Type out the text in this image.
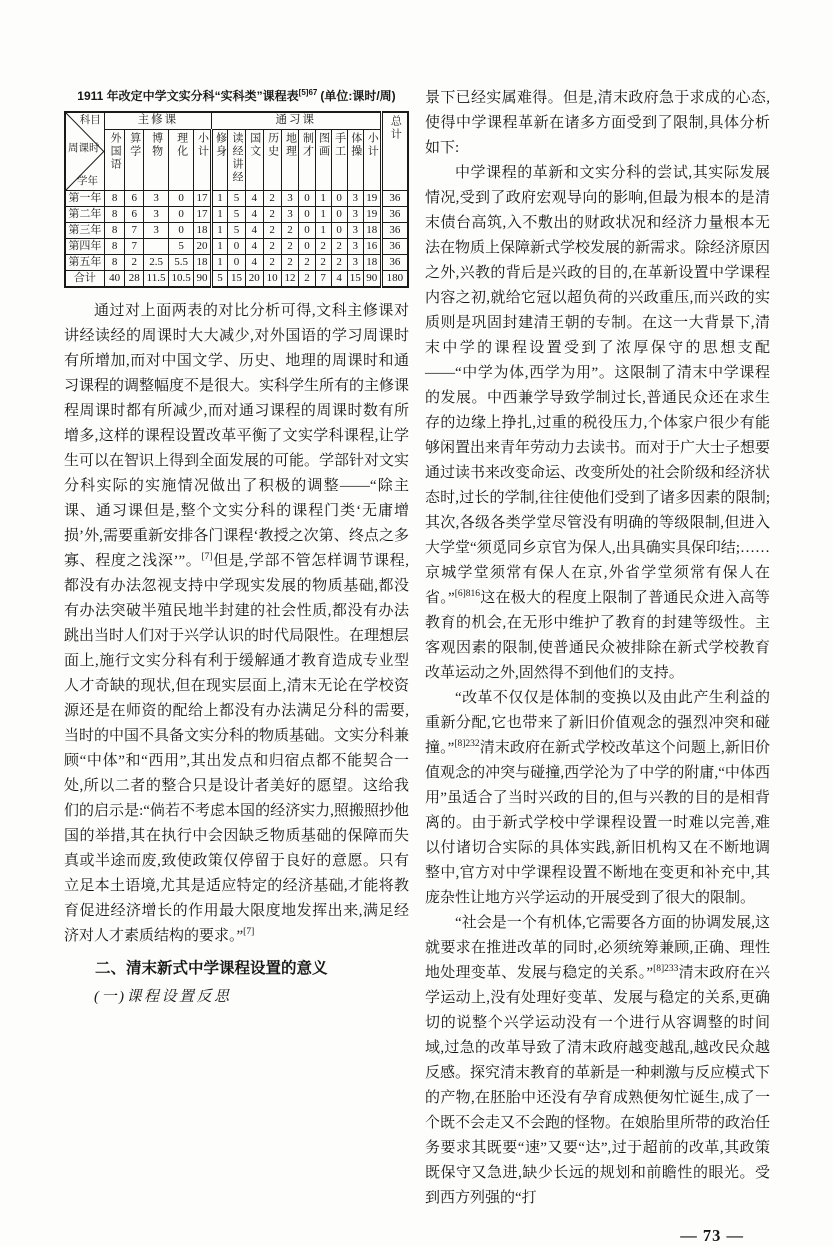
1911 年改定中学文实分科“实科类”课程表$^{[5]67}$ (单位:课时/周)
科目
周课时
学年	主修课					通习课										总计
	外国语	算学	博物	理化	小计	修身	读经讲经	国文	历史	地理	制才	图画	手工	体操	小计	
第一年	8	6	3	0	17	1	5	4	2	3	0	1	0	3	19	36
第二年	8	6	3	0	17	1	5	4	2	3	0	1	0	3	19	36
第三年	8	7	3	0	18	1	5	4	2	2	0	1	0	3	18	36
第四年	8	7		5	20	1	0	4	2	2	0	2	2	3	16	36
第五年	8	2	2.5	5.5	18	1	0	4	2	2	2	2	2	3	18	36
合计	40	28	11.5	10.5	90	5	15	20	10	12	2	7	4	15	90	180

通过对上面两表的对比分析可得,文科主修课对讲经读经的周课时大大减少,对外国语的学习周课时有所增加,而对中国文学、历史、地理的周课时和通习课程的调整幅度不是很大。实科学生所有的主修课程周课时都有所减少,而对通习课程的周课时数有所增多,这样的课程设置改革平衡了文实学科课程,让学生可以在智识上得到全面发展的可能。学部针对文实分科实际的实施情况做出了积极的调整——“除主课、通习课但是,整个文实分科的课程门类‘无庸增损’外,需要重新安排各门课程‘教授之次第、终点之多寡、程度之浅深’”。[7]但是,学部不管怎样调节课程,都没有办法忽视支持中学现实发展的物质基础,都没有办法突破半殖民地半封建的社会性质,都没有办法跳出当时人们对于兴学认识的时代局限性。在理想层面上,施行文实分科有利于缓解通才教育造成专业型人才奇缺的现状,但在现实层面上,清末无论在学校资源还是在师资的配给上都没有办法满足分科的需要,当时的中国不具备文实分科的物质基础。文实分科兼顾“中体”和“西用”,其出发点和归宿点都不能契合一处,所以二者的整合只是设计者美好的愿望。这给我们的启示是:“倘若不考虑本国的经济实力,照搬照抄他国的举措,其在执行中会因缺乏物质基础的保障而失真或半途而废,致使政策仅停留于良好的意愿。只有立足本土语境,尤其是适应特定的经济基础,才能将教育促进经济增长的作用最大限度地发挥出来,满足经济对人才素质结构的要求。”[7]

二、清末新式中学课程设置的意义
(一)课程设置反思

景下已经实属难得。但是,清末政府急于求成的心态,使得中学课程革新在诸多方面受到了限制,具体分析如下:

中学课程的革新和文实分科的尝试,其实际发展情况,受到了政府宏观导向的影响,但最为根本的是清末债台高筑,入不敷出的财政状况和经济力量根本无法在物质上保障新式学校发展的新需求。除经济原因之外,兴教的背后是兴政的目的,在革新设置中学课程内容之初,就给它冠以超负荷的兴政重压,而兴政的实质则是巩固封建清王朝的专制。在这一大背景下,清末中学的课程设置受到了浓厚保守的思想支配——“中学为体,西学为用”。这限制了清末中学课程的发展。中西兼学导致学制过长,普通民众还在求生存的边缘上挣扎,过重的税役压力,个体家户很少有能够闲置出来青年劳动力去读书。而对于广大士子想要通过读书来改变命运、改变所处的社会阶级和经济状态时,过长的学制,往往使他们受到了诸多因素的限制;其次,各级各类学堂尽管没有明确的等级限制,但进入大学堂“须觅同乡京官为保人,出具确实具保印结;……京城学堂须常有保人在京,外省学堂须常有保人在省。”$^{[6]816}$这在极大的程度上限制了普通民众进入高等教育的机会,在无形中维护了教育的封建等级性。主客观因素的限制,使普通民众被排除在新式学校教育改革运动之外,固然得不到他们的支持。

“改革不仅仅是体制的变换以及由此产生利益的重新分配,它也带来了新旧价值观念的强烈冲突和碰撞。”$^{[8]232}$清末政府在新式学校改革这个问题上,新旧价值观念的冲突与碰撞,西学沦为了中学的附庸,“中体西用”虽适合了当时兴政的目的,但与兴教的目的是相背离的。由于新式学校中学课程设置一时难以完善,难以付诸切合实际的具体实践,新旧机构又在不断地调整中,官方对中学课程设置不断地在变更和补充中,其庞杂性让地方兴学运动的开展受到了很大的限制。

“社会是一个有机体,它需要各方面的协调发展,这就要求在推进改革的同时,必须统筹兼顾,正确、理性地处理变革、发展与稳定的关系。”$^{[8]233}$清末政府在兴学运动上,没有处理好变革、发展与稳定的关系,更确切的说整个兴学运动没有一个进行从容调整的时间域,过急的改革导致了清末政府越变越乱,越改民众越反感。探究清末教育的革新是一种刺激与反应模式下的产物,在胚胎中还没有孕育成熟便匆忙诞生,成了一个既不会走又不会跑的怪物。在娘胎里所带的政治任务要求其既要“速”又要“达”,过于超前的改革,其政策既保守又急进,缺少长远的规划和前瞻性的眼光。受到西方列强的“打

— 73 —
